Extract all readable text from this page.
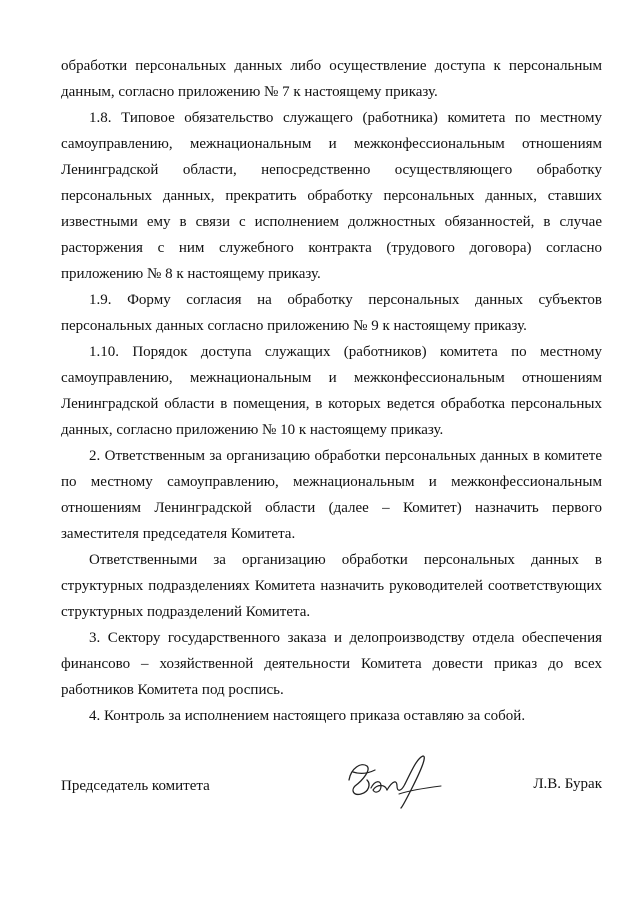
обработки персональных данных либо осуществление доступа к персональным данным, согласно приложению № 7 к настоящему приказу.

1.8. Типовое обязательство служащего (работника) комитета по местному самоуправлению, межнациональным и межконфессиональным отношениям Ленинградской области, непосредственно осуществляющего обработку персональных данных, прекратить обработку персональных данных, ставших известными ему в связи с исполнением должностных обязанностей, в случае расторжения с ним служебного контракта (трудового договора) согласно приложению № 8 к настоящему приказу.

1.9. Форму согласия на обработку персональных данных субъектов персональных данных согласно приложению № 9 к настоящему приказу.

1.10. Порядок доступа служащих (работников) комитета по местному самоуправлению, межнациональным и межконфессиональным отношениям Ленинградской области в помещения, в которых ведется обработка персональных данных, согласно приложению № 10 к настоящему приказу.

2. Ответственным за организацию обработки персональных данных в комитете по местному самоуправлению, межнациональным и межконфессиональным отношениям Ленинградской области (далее – Комитет) назначить первого заместителя председателя Комитета.

Ответственными за организацию обработки персональных данных в структурных подразделениях Комитета назначить руководителей соответствующих структурных подразделений Комитета.

3. Сектору государственного заказа и делопроизводству отдела обеспечения финансово – хозяйственной деятельности Комитета довести приказ до всех работников Комитета под роспись.

4. Контроль за исполнением настоящего приказа оставляю за собой.

Председатель комитета	Л.В. Бурак
